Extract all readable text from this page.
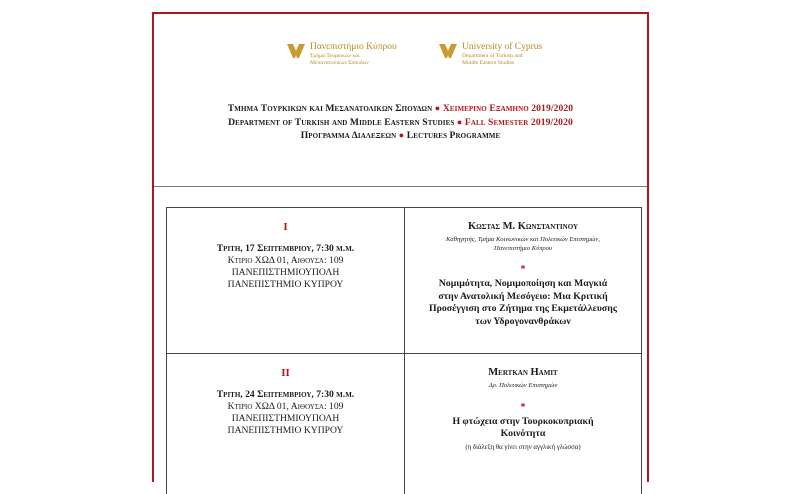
Πανεπιστήμιο Κύπρου
Τμήμα Τουρκικών και
Μεσανατολικών Σπουδών
University of Cyprus
Department of Turkish and
Middle Eastern Studies
Τμημα Τουρκικων και Μεσανατολικων Σπουδων ● Χειμερινο Εξαμηνο 2019/2020
Department of Turkish and Middle Eastern Studies ● Fall Semester 2019/2020
Προγραμμα Διαλεξεων ● Lectures Programme
I
Τριτη, 17 Σεπτεμβριου, 7:30 μ.μ.
Κτιριο ΧΩΔ 01, Αιθουσα: 109
ΠΑΝΕΠΙΣΤΗΜΙΟΥΠΟΛΗ
ΠΑΝΕΠΙΣΤΗΜΙΟ ΚΥΠΡΟΥ
Κωστας Μ. Κωνσταντινου
Καθηγητής, Τμήμα Κοινωνικών και Πολιτικών Επιστημών,
Πανεπιστήμιο Κύπρου
*
Νομιμότητα, Νομιμοποίηση και Μαγκιά
στην Ανατολική Μεσόγειο: Μια Κριτική
Προσέγγιση στο Ζήτημα της Εκμετάλλευσης
των Υδρογονανθράκων
II
Τριτη, 24 Σεπτεμβριου, 7:30 μ.μ.
Κτιριο ΧΩΔ 01, Αιθουσα: 109
ΠΑΝΕΠΙΣΤΗΜΙΟΥΠΟΛΗ
ΠΑΝΕΠΙΣΤΗΜΙΟ ΚΥΠΡΟΥ
Mertkan Hamit
Δρ. Πολιτικών Επιστημών
*
Η φτώχεια στην Τουρκοκυπριακή
Κοινότητα
(η διάλεξη θα γίνει στην αγγλική γλώσσα)
